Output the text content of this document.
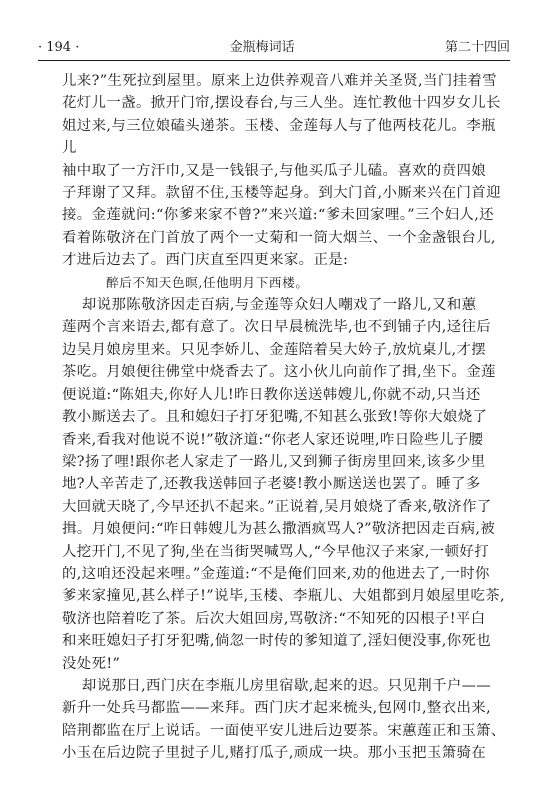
· 194 ·	金瓶梅词话	第二十四回

儿来?”生死拉到屋里。原来上边供养观音八难并关圣贤,当门挂着雪
花灯儿一盏。掀开门帘,摆设春台,与三人坐。连忙教他十四岁女儿长
姐过来,与三位娘磕头递茶。玉楼、金莲每人与了他两枝花儿。李瓶儿
袖中取了一方汗巾,又是一钱银子,与他买瓜子儿磕。喜欢的贲四娘
子拜谢了又拜。款留不住,玉楼等起身。到大门首,小厮来兴在门首迎
接。金莲就问:“你爹来家不曾?”来兴道:“爹未回家哩。”三个妇人,还
看着陈敬济在门首放了两个一丈菊和一筒大烟兰、一个金盏银台儿,
才进后边去了。西门庆直至四更来家。正是:

醉后不知天色暝,任他明月下西楼。

却说那陈敬济因走百病,与金莲等众妇人嘲戏了一路儿,又和蕙
莲两个言来语去,都有意了。次日早晨梳洗毕,也不到铺子内,迳往后
边吴月娘房里来。只见李娇儿、金莲陪着吴大妗子,放炕桌儿,才摆
茶吃。月娘便往佛堂中烧香去了。这小伙儿向前作了揖,坐下。金莲
便说道:“陈姐夫,你好人儿!昨日教你送送韩嫂儿,你就不动,只当还
教小厮送去了。且和媳妇子打牙犯嘴,不知甚么张致!等你大娘烧了
香来,看我对他说不说!”敬济道:“你老人家还说哩,咋日险些儿子腰
梁?扬了哩!跟你老人家走了一路儿,又到狮子街房里回来,该多少里
地?人辛苦走了,还教我送韩回子老婆!教小厮送送也罢了。睡了多
大回就天晓了,今早还扒不起来。”正说着,吴月娘烧了香来,敬济作了
揖。月娘便问:“咋日韩嫂儿为甚么撒酒疯骂人?”敬济把因走百病,被
人挖开门,不见了狗,坐在当街哭喊骂人,“今早他汉子来家,一顿好打
的,这咱还没起来哩。”金莲道:“不是俺们回来,劝的他进去了,一时你
爹来家撞见,甚么样子!”说毕,玉楼、李瓶儿、大姐都到月娘屋里吃茶,
敬济也陪着吃了茶。后次大姐回房,骂敬济:“不知死的囚根子!平白
和来旺媳妇子打牙犯嘴,倘忽一时传的爹知道了,淫妇便没事,你死也
没处死!”

却说那日,西门庆在李瓶儿房里宿歇,起来的迟。只见荆千户——
新升一处兵马都监——来拜。西门庆才起来梳头,包网巾,整衣出来,
陪荆都监在厅上说话。一面使平安儿进后边要茶。宋蕙莲正和玉箫、
小玉在后边院子里挝子儿,赌打瓜子,顽成一块。那小玉把玉箫骑在
